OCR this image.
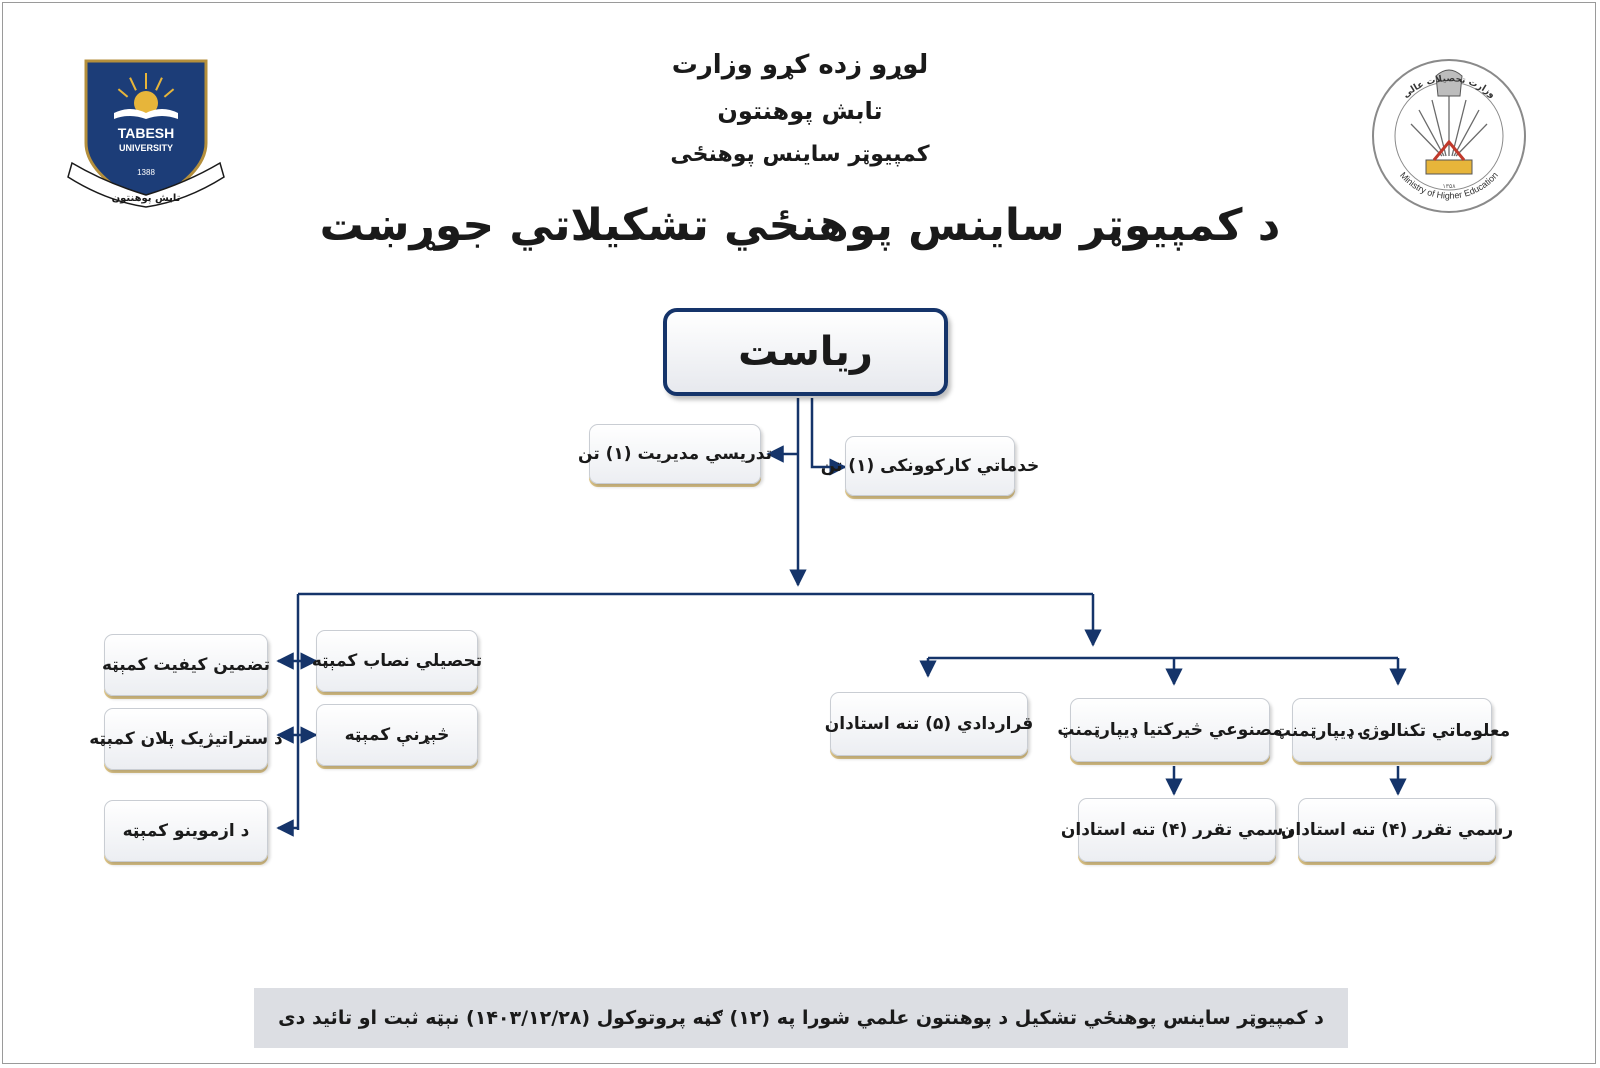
TABESH
UNIVERSITY
1388
تابش پوهنتون
۱۳۵۸
Ministry of Higher Education
وزارت تحصیلات عالی
لوړو زده کړو وزارت
تابش پوهنتون
کمپیوټر ساینس پوهنځی
د کمپیوټر ساینس پوهنځي تشکیلاتي جوړښت
ریاست
تدریسي مدیریت (۱) تن
خدماتي کارکوونکی (۱) تن
تحصیلي نصاب کمېټه
تضمین کیفیت کمېټه
څېړنې کمېټه
د ستراتیژیک پلان کمېټه
د ازموینو کمېټه
قراردادي (۵) تنه استادان مصنوعي څیرکتیا ډیپارټمنټ
معلوماتي تکنالوژۍ ډیپارټمنټ
رسمي تقرر (۴) تنه استادان
رسمي تقرر (۴) تنه استادان
د کمپیوټر ساینس پوهنځي تشکیل د پوهنتون علمي شورا په (۱۲) ګڼه پروتوکول (۱۴۰۳/۱۲/۲۸) نېټه ثبت او تائید دی
